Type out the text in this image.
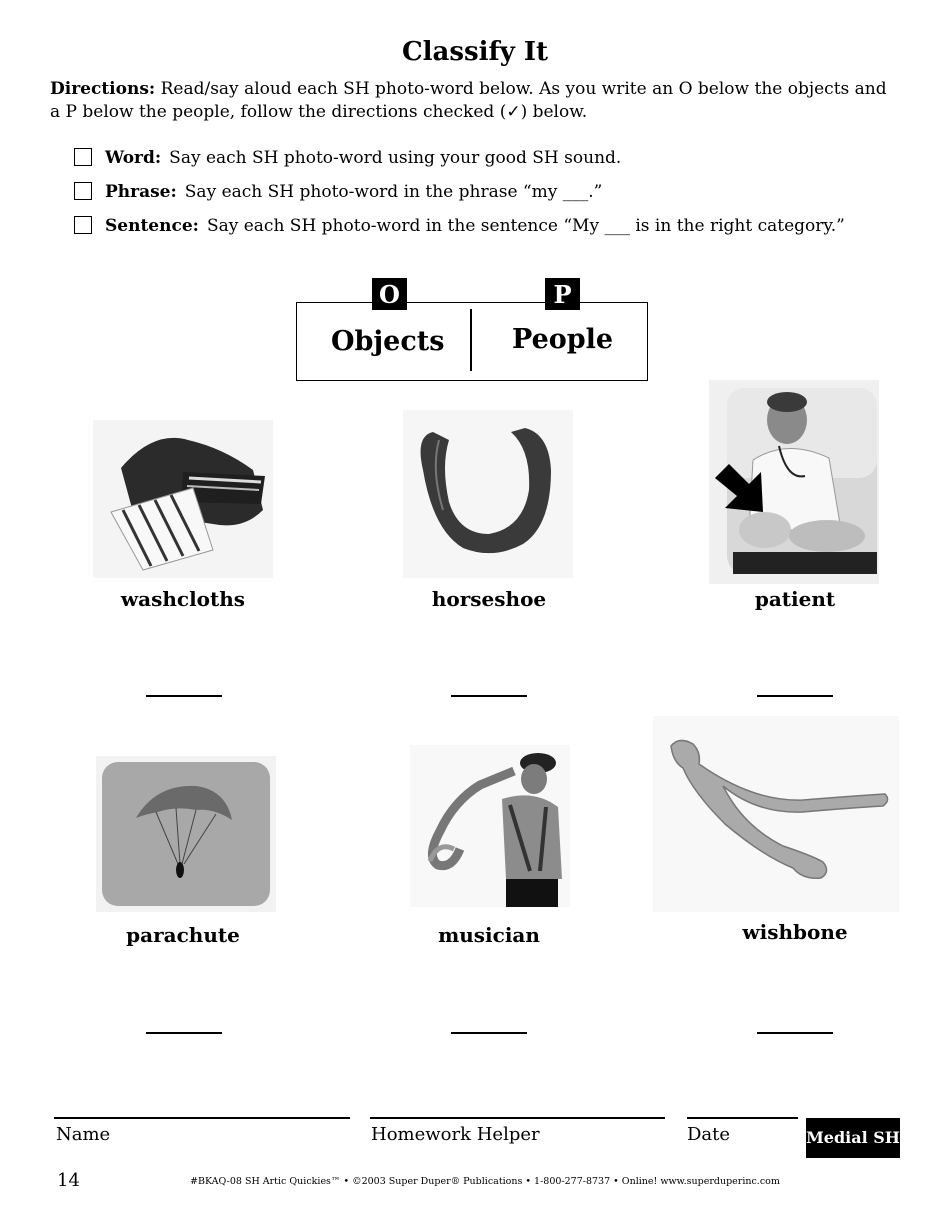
Classify It
Directions: Read/say aloud each SH photo-word below. As you write an O below the objects and a P below the people, follow the directions checked (✓) below.
Word: Say each SH photo-word using your good SH sound.
Phrase: Say each SH photo-word in the phrase “my ___.”
Sentence: Say each SH photo-word in the sentence “My ___ is in the right category.”
O	P
Objects	People
washcloths	horseshoe	patient
parachute	musician	wishbone
Name	Homework Helper	Date	Medial SH
14	#BKAQ-08 SH Artic Quickies™ • ©2003 Super Duper® Publications • 1-800-277-8737 • Online! www.superduperinc.com
